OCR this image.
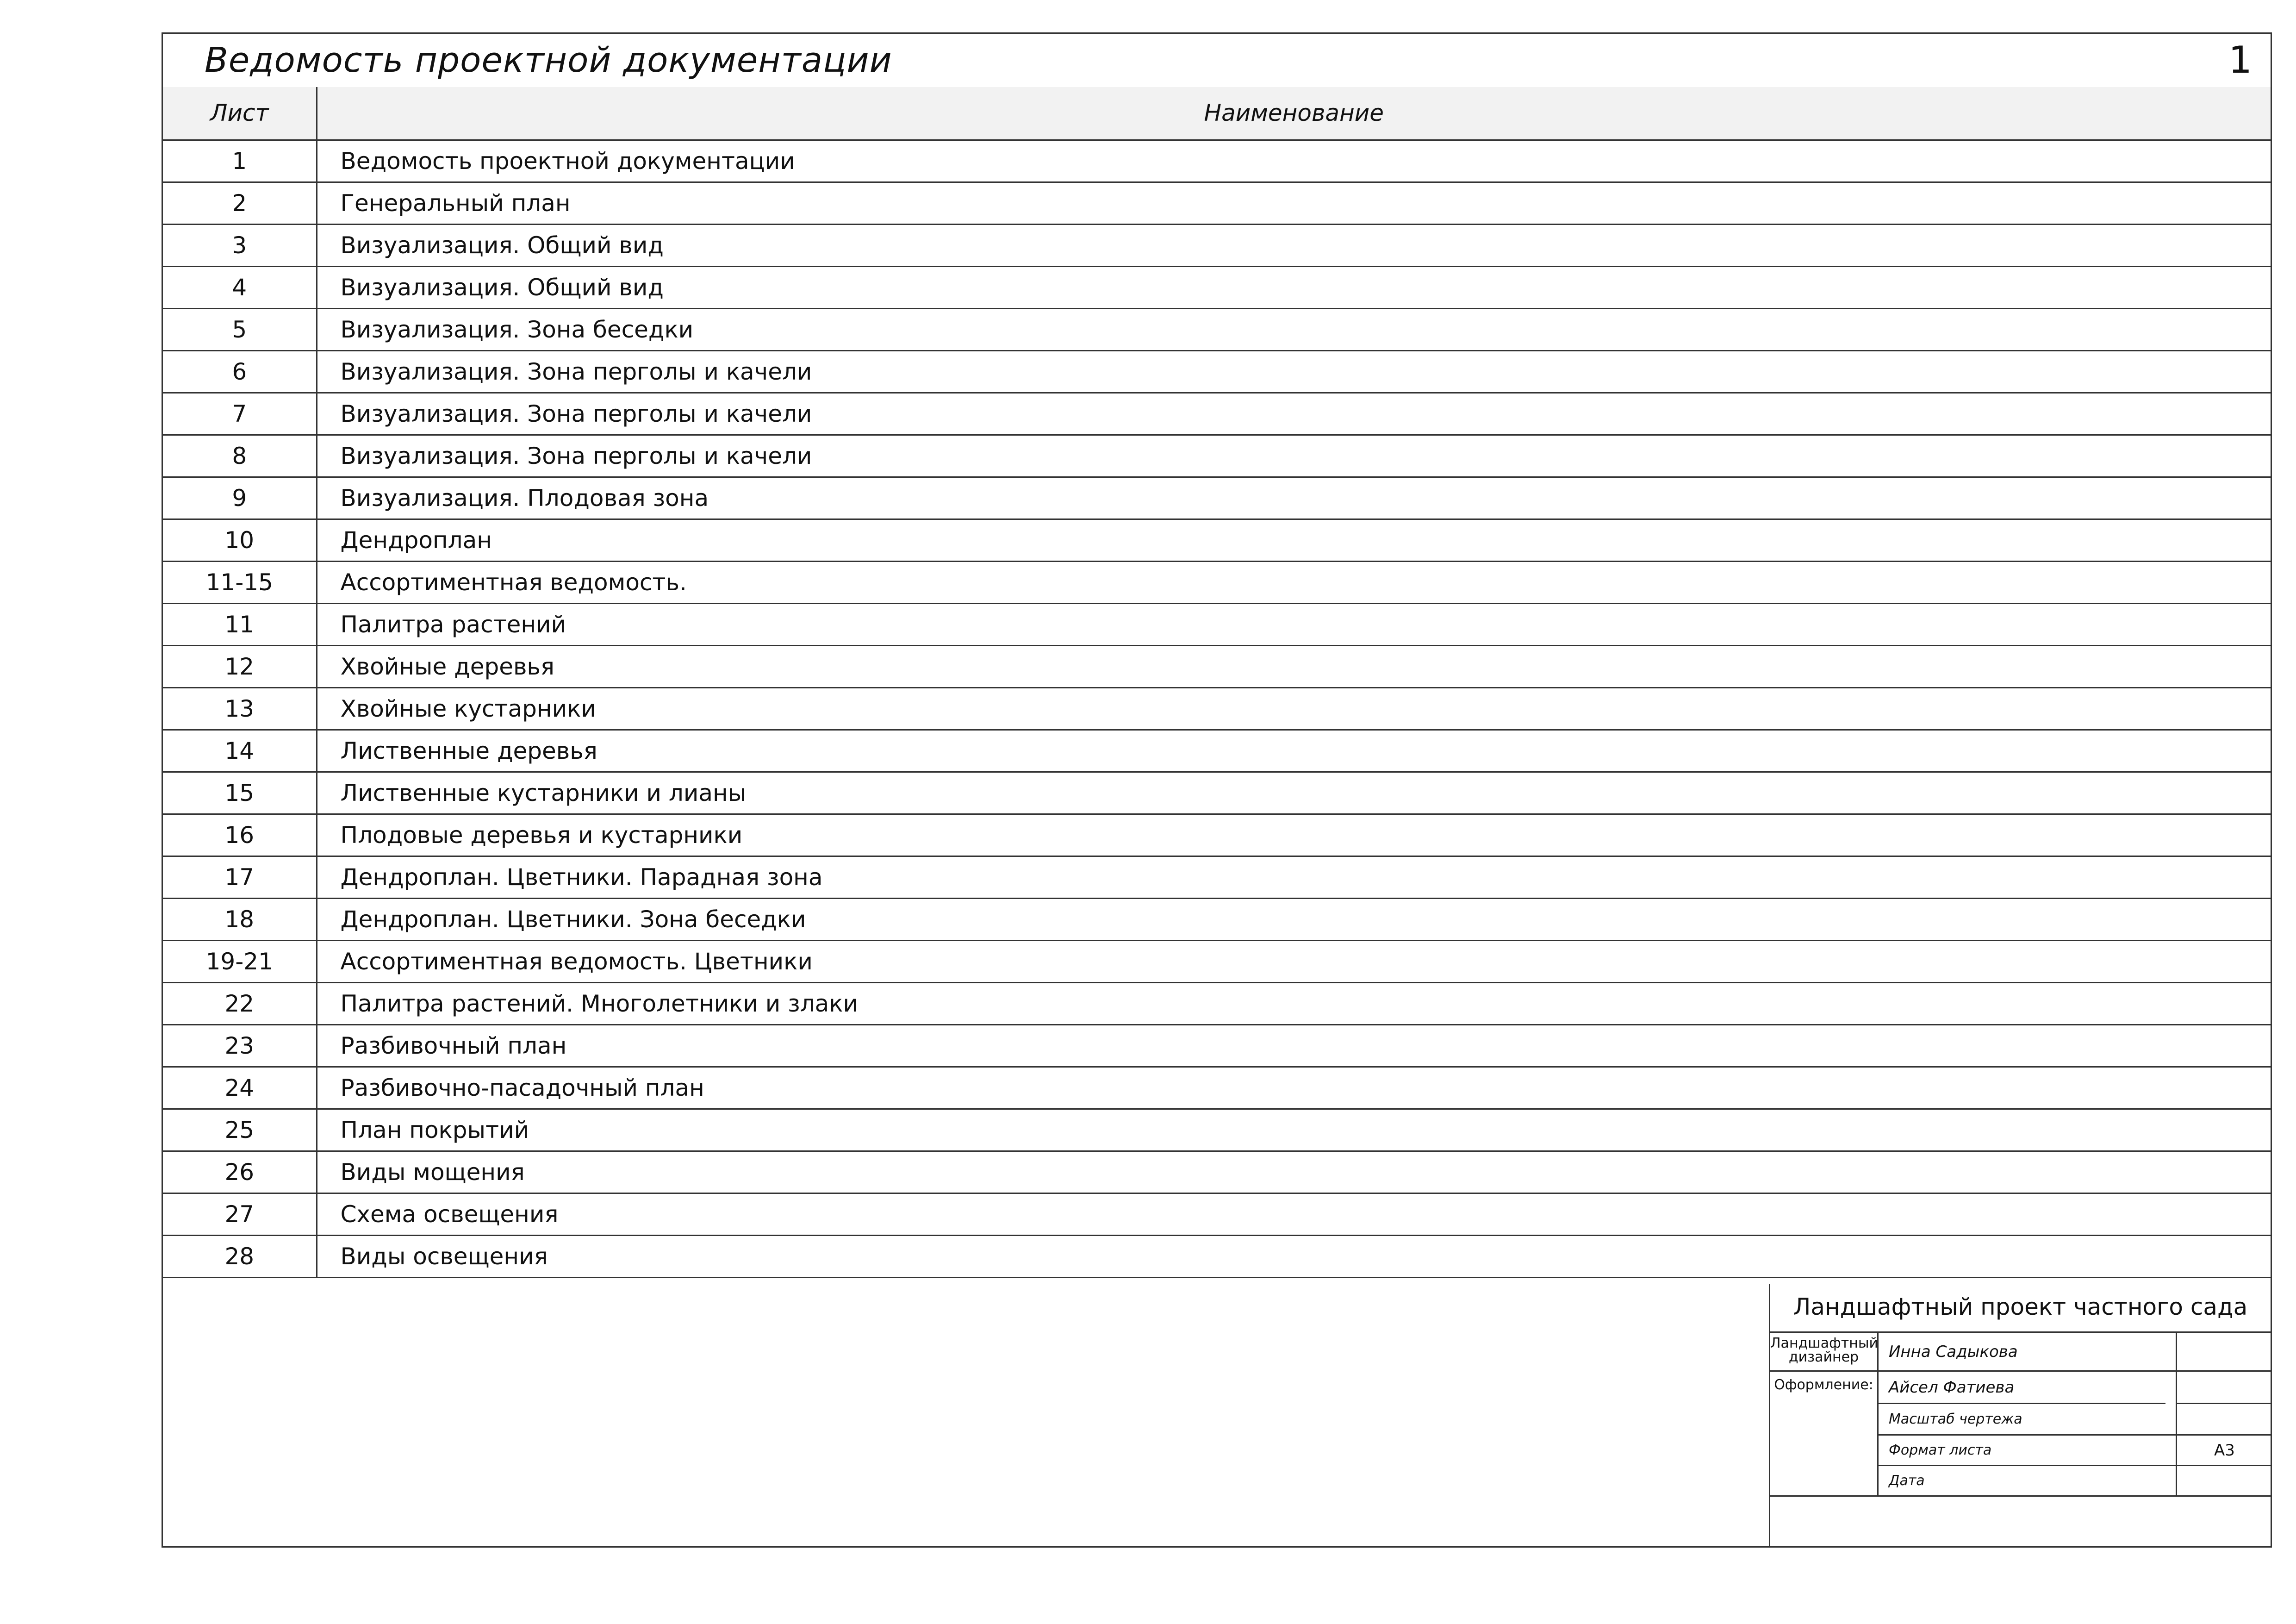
Ведомость проектной документации	1
Лист	Наименование
1	Ведомость проектной документации
2	Генеральный план
3	Визуализация. Общий вид
4	Визуализация. Общий вид
5	Визуализация. Зона беседки
6	Визуализация. Зона перголы и качели
7	Визуализация. Зона перголы и качели
8	Визуализация. Зона перголы и качели
9	Визуализация. Плодовая зона
10	Дендроплан
11-15	Ассортиментная ведомость.
11	Палитра растений
12	Хвойные деревья
13	Хвойные кустарники
14	Лиственные деревья
15	Лиственные кустарники и лианы
16	Плодовые деревья и кустарники
17	Дендроплан. Цветники. Парадная зона
18	Дендроплан. Цветники. Зона беседки
19-21	Ассортиментная ведомость. Цветники
22	Палитра растений. Многолетники и злаки
23	Разбивочный план
24	Разбивочно-пасадочный план
25	План покрытий
26	Виды мощения
27	Схема освещения
28	Виды освещения
Ландшафтный проект частного сада
Ландшафтный дизайнер	Инна Садыкова
Оформление: Айсел Фатиева
Масштаб чертежа
Формат листа	А3
Дата
